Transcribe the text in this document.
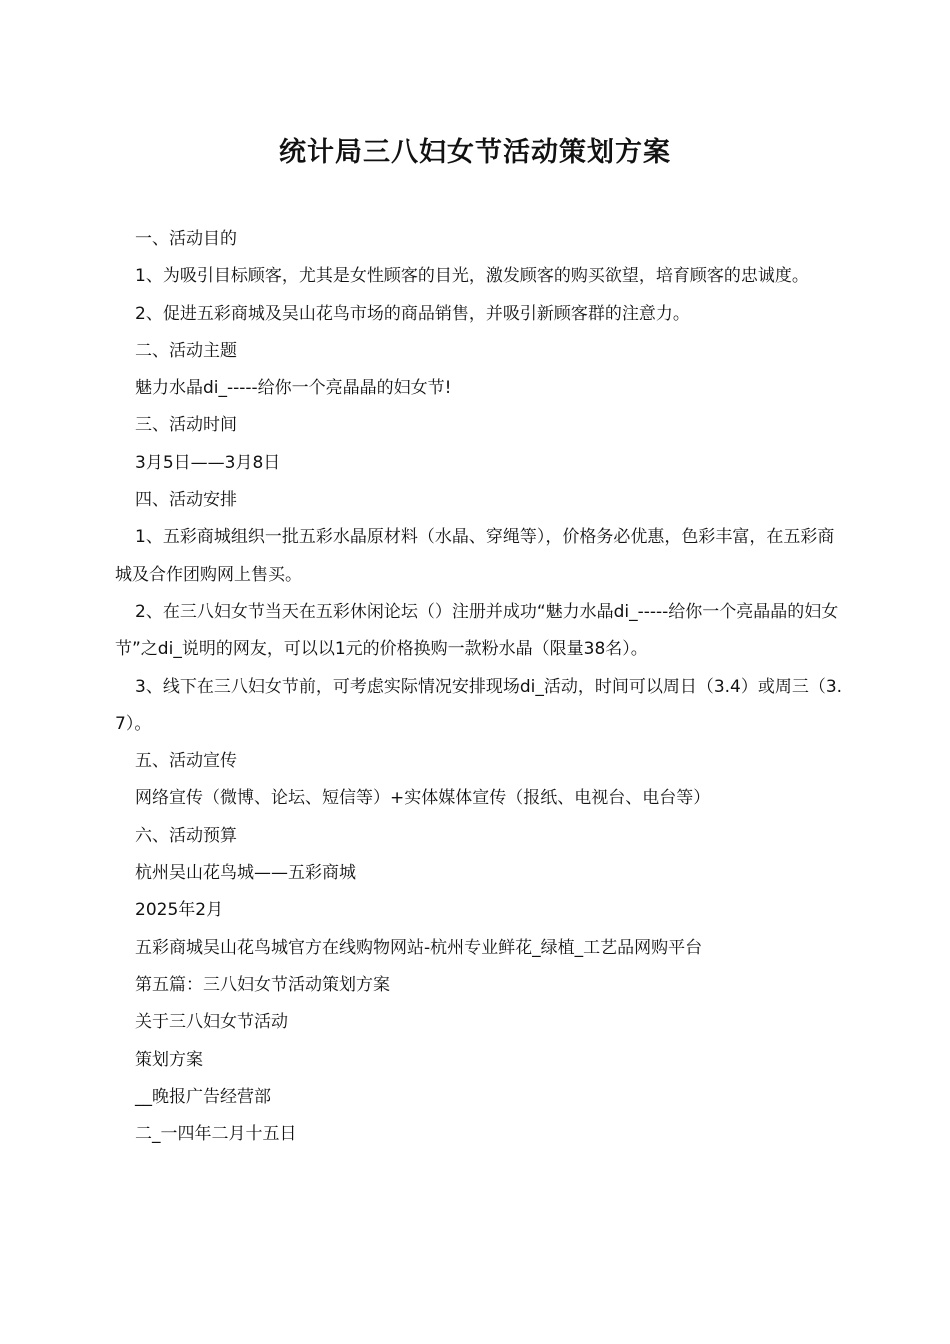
统计局三八妇女节活动策划方案

一、活动目的

1、为吸引目标顾客，尤其是女性顾客的目光，激发顾客的购买欲望，培育顾客的忠诚度。

2、促进五彩商城及吴山花鸟市场的商品销售，并吸引新顾客群的注意力。

二、活动主题

魅力水晶di_-----给你一个亮晶晶的妇女节!

三、活动时间

3月5日——3月8日

四、活动安排

1、五彩商城组织一批五彩水晶原材料（水晶、穿绳等），价格务必优惠，色彩丰富，在五彩商城及合作团购网上售买。

2、在三八妇女节当天在五彩休闲论坛（）注册并成功“魅力水晶di_-----给你一个亮晶晶的妇女节”之di_说明的网友，可以以1元的价格换购一款粉水晶（限量38名）。

3、线下在三八妇女节前，可考虑实际情况安排现场di_活动，时间可以周日（3.4）或周三（3.7）。

五、活动宣传

网络宣传（微博、论坛、短信等）+实体媒体宣传（报纸、电视台、电台等）

六、活动预算

杭州吴山花鸟城——五彩商城

2025年2月

五彩商城吴山花鸟城官方在线购物网站-杭州专业鲜花_绿植_工艺品网购平台

第五篇：三八妇女节活动策划方案

关于三八妇女节活动

策划方案

__晚报广告经营部

二_一四年二月十五日
